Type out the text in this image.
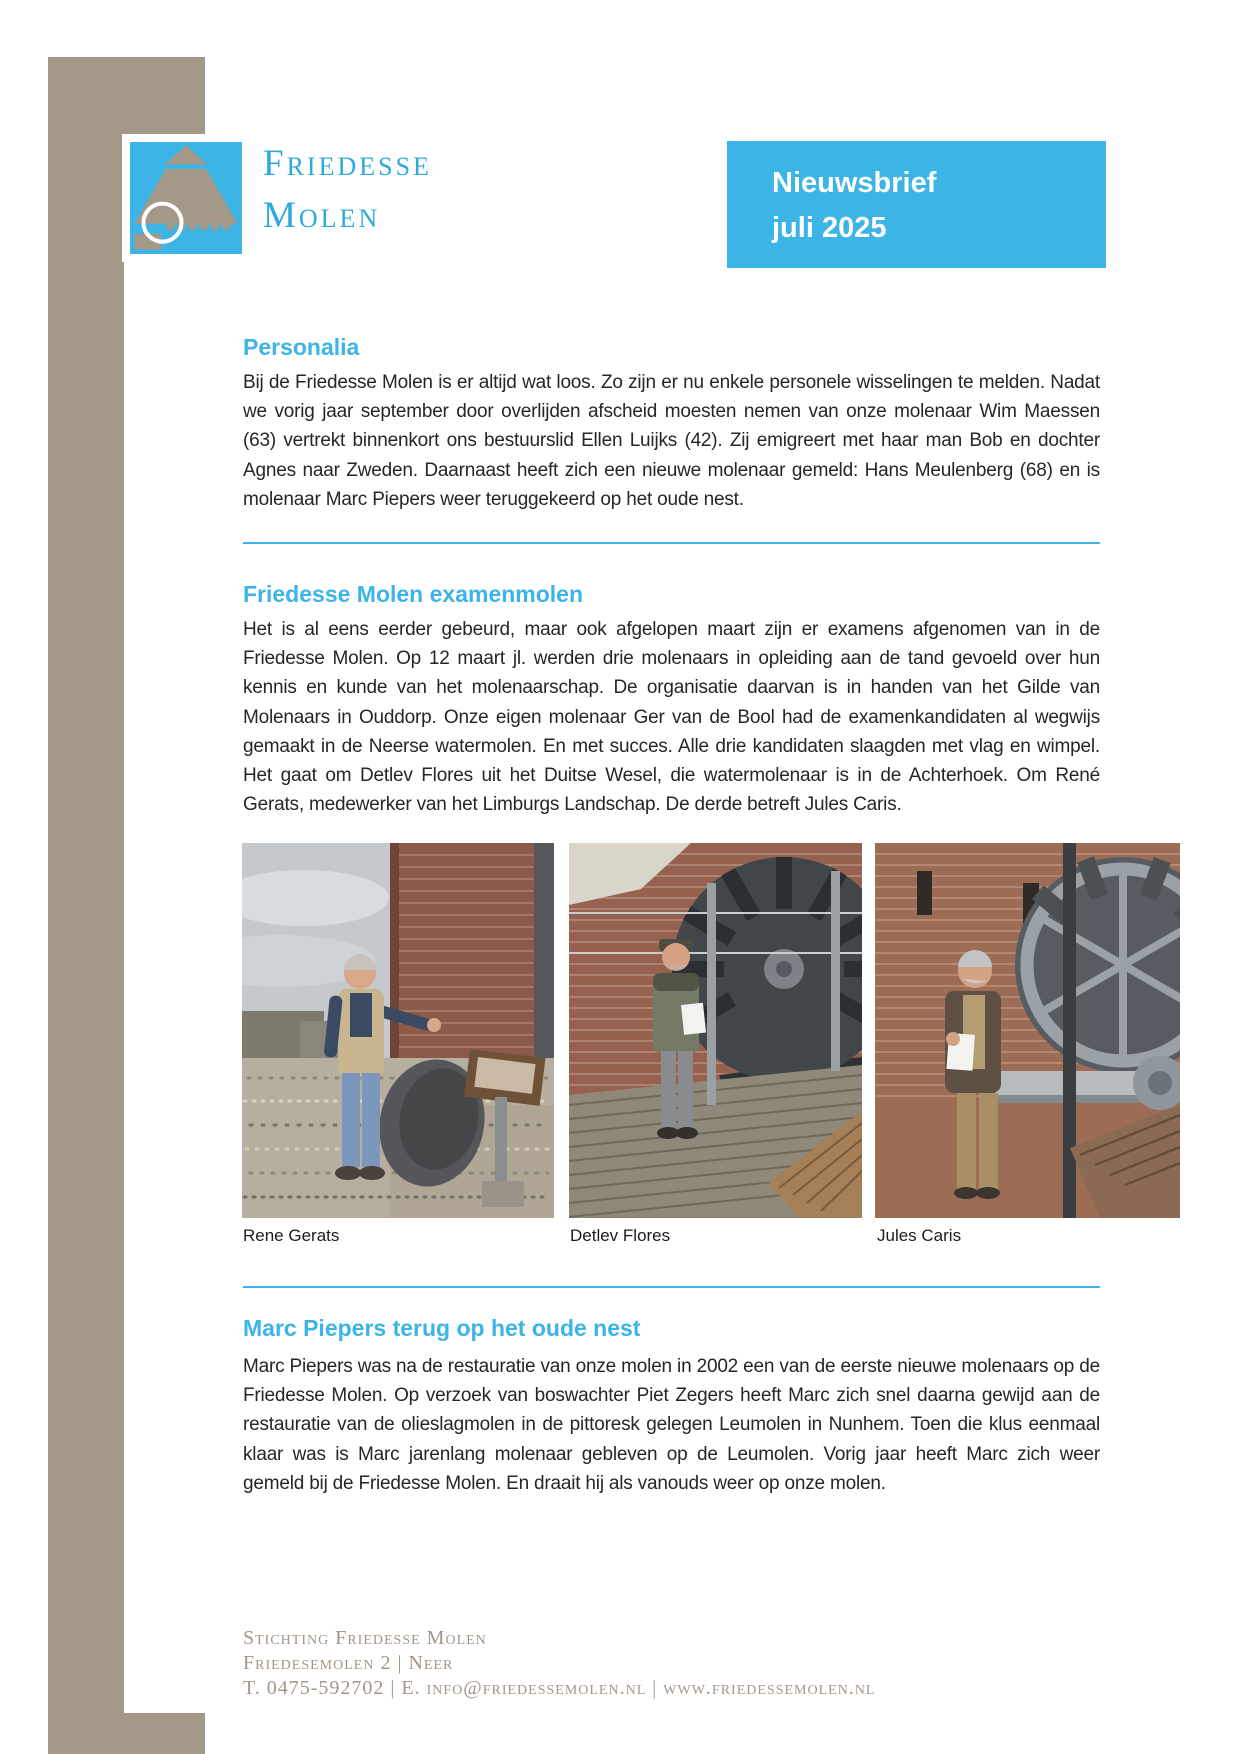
Friedesse
Molen
Nieuwsbrief
juli 2025
Personalia
Bij de Friedesse Molen is er altijd wat loos. Zo zijn er nu enkele personele wisselingen te melden. Nadat we vorig jaar september door overlijden afscheid moesten nemen van onze molenaar Wim Maessen (63) vertrekt binnenkort ons bestuurslid Ellen Luijks (42). Zij emigreert met haar man Bob en dochter Agnes naar Zweden. Daarnaast heeft zich een nieuwe molenaar gemeld: Hans Meulenberg (68) en is molenaar Marc Piepers weer teruggekeerd op het oude nest.
Friedesse Molen examenmolen
Het is al eens eerder gebeurd, maar ook afgelopen maart zijn er examens afgenomen van in de Friedesse Molen. Op 12 maart jl. werden drie molenaars in opleiding aan de tand gevoeld over hun kennis en kunde van het molenaarschap. De organisatie daarvan is in handen van het Gilde van Molenaars in Ouddorp. Onze eigen molenaar Ger van de Bool had de examenkandidaten al wegwijs gemaakt in de Neerse watermolen. En met succes. Alle drie kandidaten slaagden met vlag en wimpel. Het gaat om Detlev Flores uit het Duitse Wesel, die watermolenaar is in de Achterhoek. Om René Gerats, medewerker van het Limburgs Landschap. De derde betreft Jules Caris.
Rene Gerats	Detlev Flores	Jules Caris
Marc Piepers terug op het oude nest
Marc Piepers was na de restauratie van onze molen in 2002 een van de eerste nieuwe molenaars op de Friedesse Molen. Op verzoek van boswachter Piet Zegers heeft Marc zich snel daarna gewijd aan de restauratie van de olieslagmolen in de pittoresk gelegen Leumolen in Nunhem. Toen die klus eenmaal klaar was is Marc jarenlang molenaar gebleven op de Leumolen. Vorig jaar heeft Marc zich weer gemeld bij de Friedesse Molen. En draait hij als vanouds weer op onze molen.
Stichting Friedesse Molen
Friedesemolen 2 | Neer
T. 0475-592702 | E. info@friedessemolen.nl | www.friedessemolen.nl
